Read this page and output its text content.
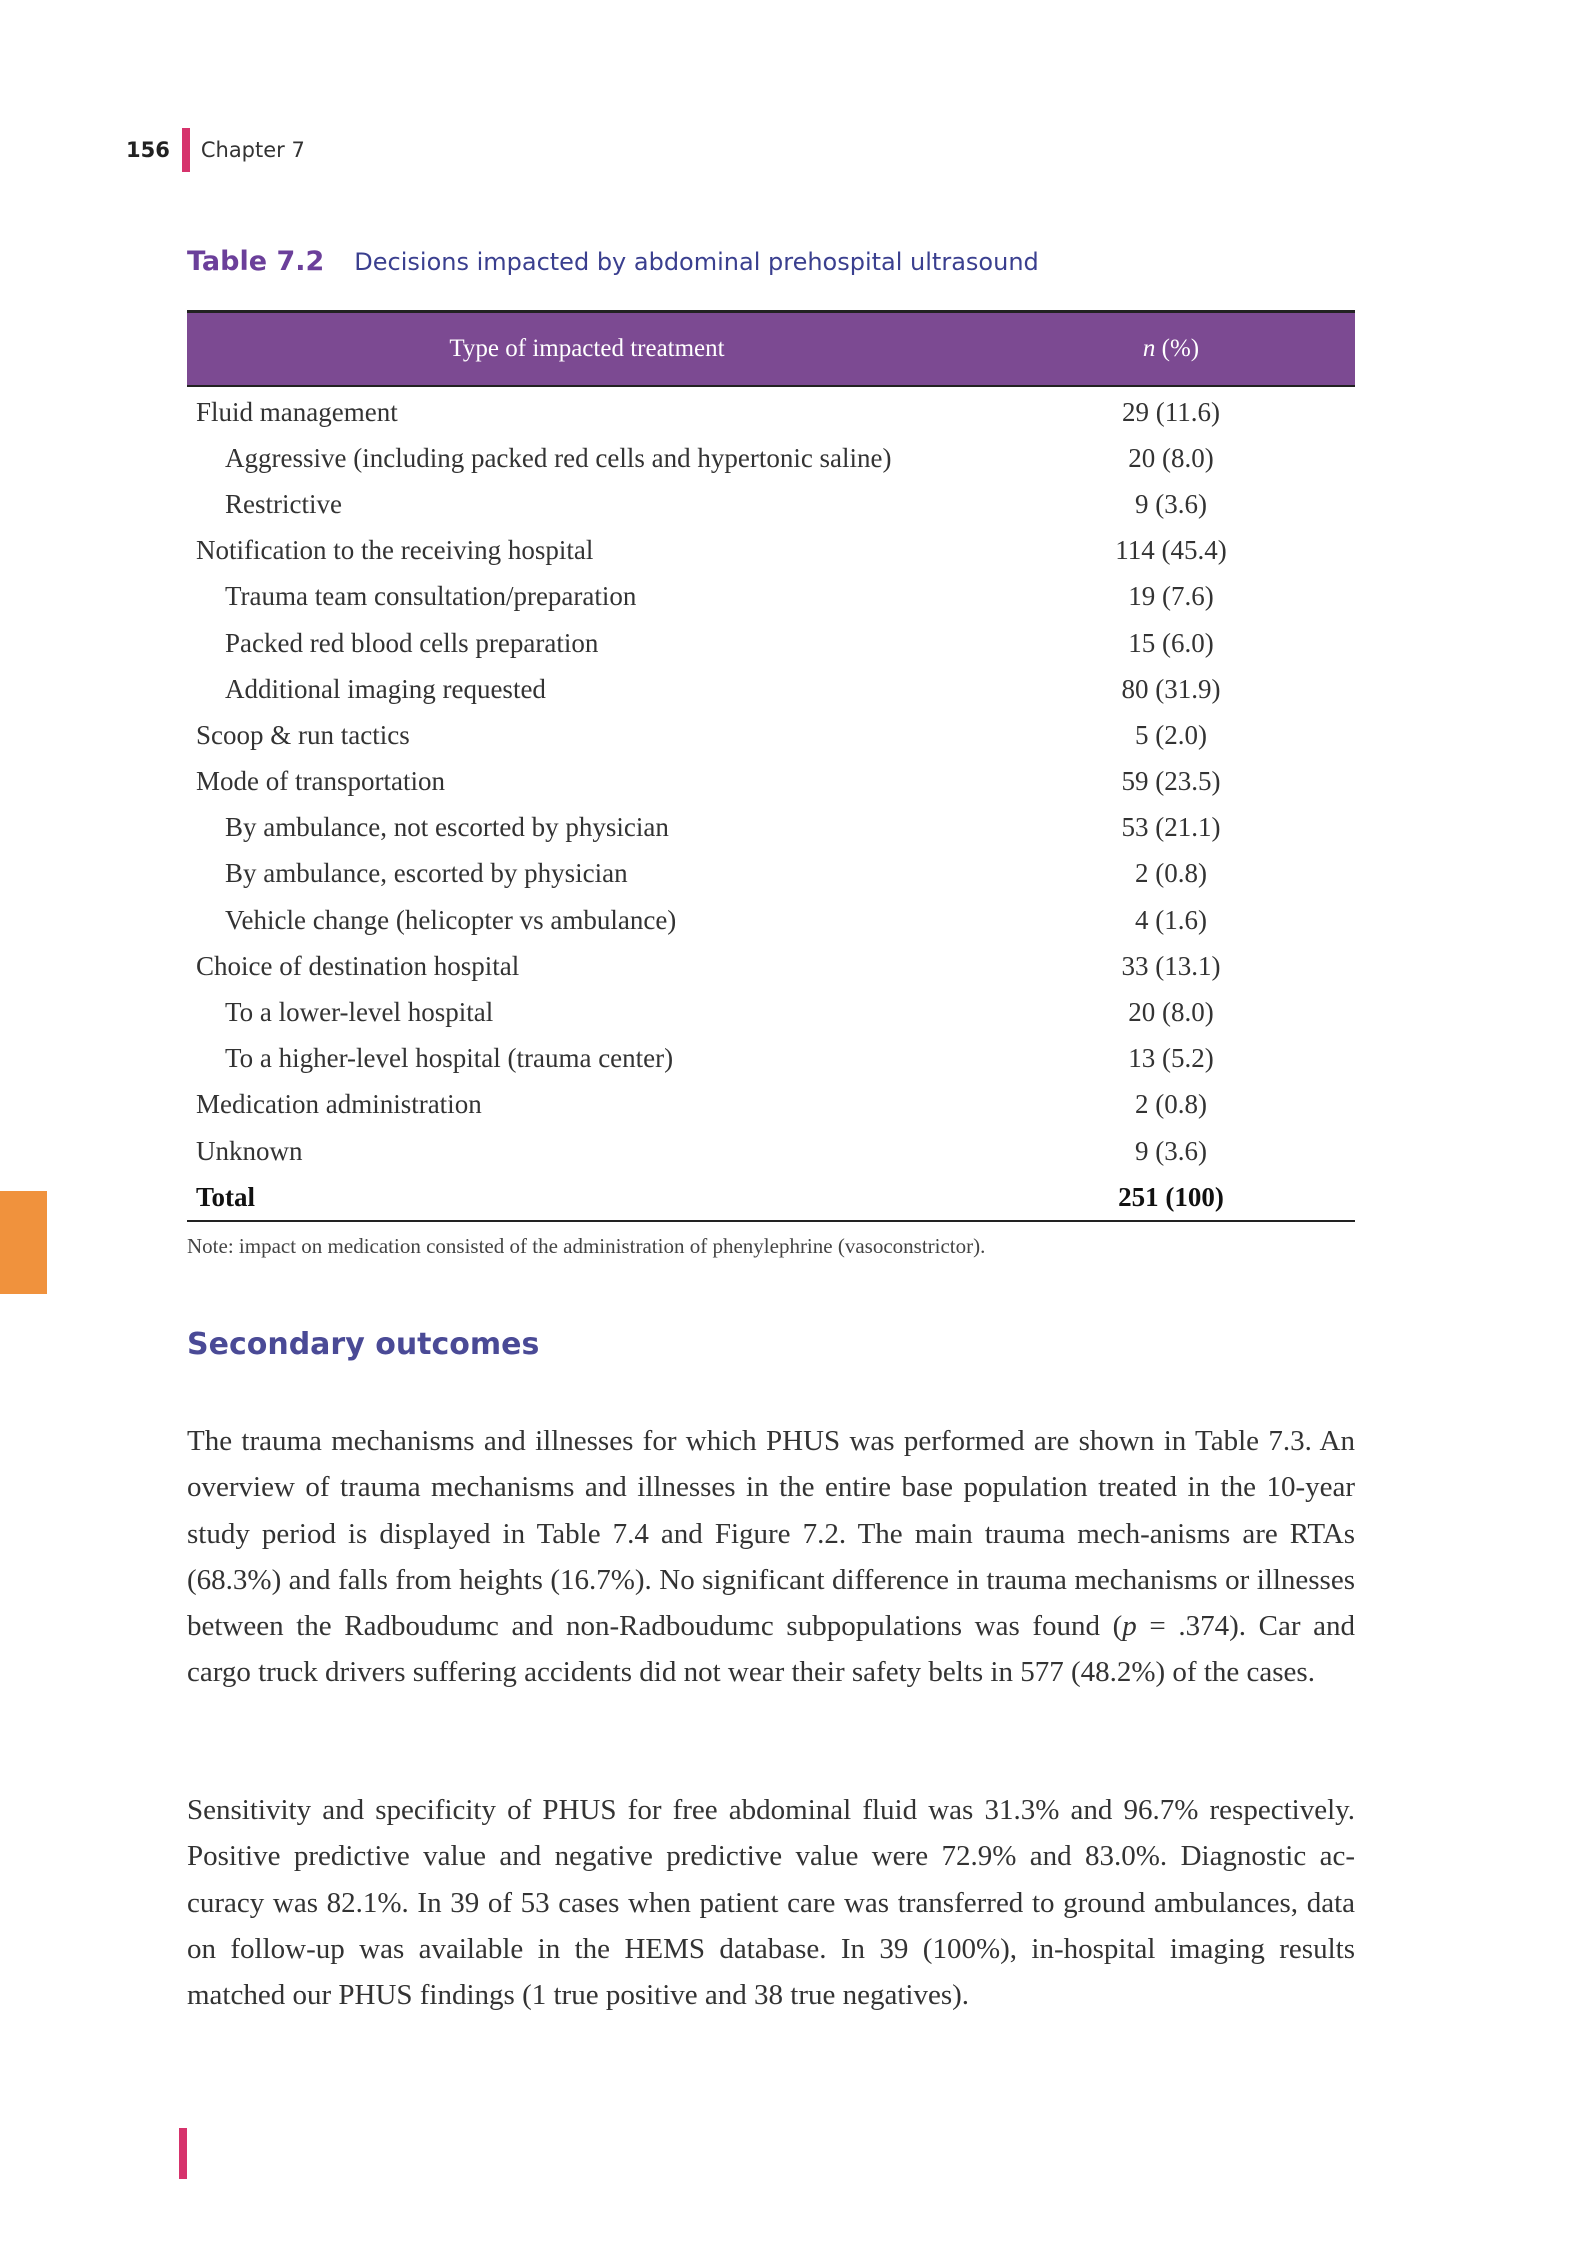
156 Chapter 7
Table 7.2 Decisions impacted by abdominal prehospital ultrasound
Type of impacted treatment	n (%)
Fluid management	29 (11.6)
Aggressive (including packed red cells and hypertonic saline)	20 (8.0)
Restrictive	9 (3.6)
Notification to the receiving hospital	114 (45.4)
Trauma team consultation/preparation	19 (7.6)
Packed red blood cells preparation	15 (6.0)
Additional imaging requested	80 (31.9)
Scoop & run tactics	5 (2.0)
Mode of transportation	59 (23.5)
By ambulance, not escorted by physician	53 (21.1)
By ambulance, escorted by physician	2 (0.8)
Vehicle change (helicopter vs ambulance)	4 (1.6)
Choice of destination hospital	33 (13.1)
To a lower-level hospital	20 (8.0)
To a higher-level hospital (trauma center)	13 (5.2)
Medication administration	2 (0.8)
Unknown	9 (3.6)
Total	251 (100)
Note: impact on medication consisted of the administration of phenylephrine (vasoconstrictor).
Secondary outcomes
The trauma mechanisms and illnesses for which PHUS was performed are shown in Table 7.3. An overview of trauma mechanisms and illnesses in the entire base population treated in the 10-year study period is displayed in Table 7.4 and Figure 7.2. The main trauma mech-anisms are RTAs (68.3%) and falls from heights (16.7%). No significant difference in trauma mechanisms or illnesses between the Radboudumc and non-Radboudumc subpopulations was found (p = .374). Car and cargo truck drivers suffering accidents did not wear their safety belts in 577 (48.2%) of the cases.
Sensitivity and specificity of PHUS for free abdominal fluid was 31.3% and 96.7% respectively. Positive predictive value and negative predictive value were 72.9% and 83.0%. Diagnostic ac-curacy was 82.1%. In 39 of 53 cases when patient care was transferred to ground ambulances, data on follow-up was available in the HEMS database. In 39 (100%), in-hospital imaging results matched our PHUS findings (1 true positive and 38 true negatives).
